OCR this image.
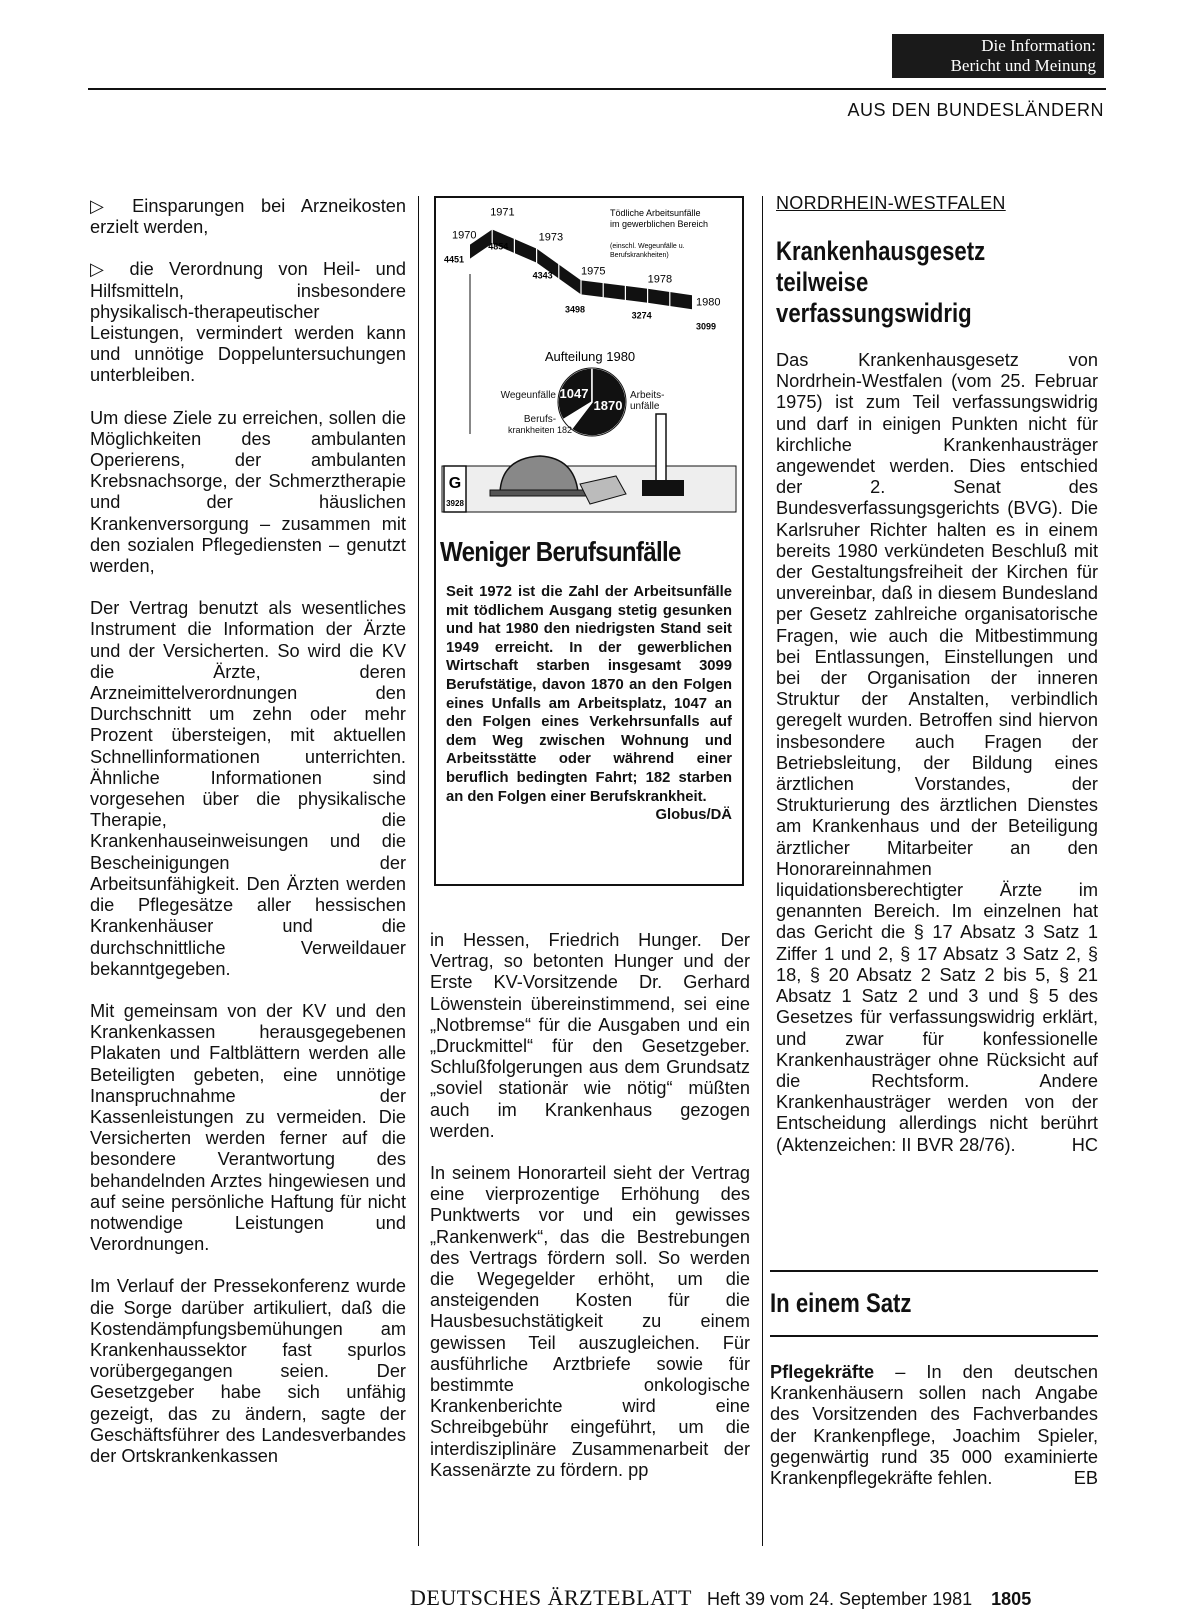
Die Information:
Bericht und Meinung
AUS DEN BUNDESLÄNDERN

▷ Einsparungen bei Arzneikosten erzielt werden,

▷ die Verordnung von Heil- und Hilfsmitteln, insbesondere physikalisch-therapeutischer Leistungen, vermindert werden kann und unnötige Doppeluntersuchungen unterbleiben.

Um diese Ziele zu erreichen, sollen die Möglichkeiten des ambulanten Operierens, der ambulanten Krebsnachsorge, der Schmerztherapie und der häuslichen Krankenversorgung – zusammen mit den sozialen Pflegediensten – genutzt werden,

Der Vertrag benutzt als wesentliches Instrument die Information der Ärzte und der Versicherten. So wird die KV die Ärzte, deren Arzneimittelverordnungen den Durchschnitt um zehn oder mehr Prozent übersteigen, mit aktuellen Schnellinformationen unterrichten. Ähnliche Informationen sind vorgesehen über die physikalische Therapie, die Krankenhauseinweisungen und die Bescheinigungen der Arbeitsunfähigkeit. Den Ärzten werden die Pflegesätze aller hessischen Krankenhäuser und die durchschnittliche Verweildauer bekanntgegeben.

Mit gemeinsam von der KV und den Krankenkassen herausgegebenen Plakaten und Faltblättern werden alle Beteiligten gebeten, eine unnötige Inanspruchnahme der Kassenleistungen zu vermeiden. Die Versicherten werden ferner auf die besondere Verantwortung des behandelnden Arztes hingewiesen und auf seine persönliche Haftung für nicht notwendige Leistungen und Verordnungen.

Im Verlauf der Pressekonferenz wurde die Sorge darüber artikuliert, daß die Kostendämpfungsbemühungen am Krankenhaussektor fast spurlos vorübergegangen seien. Der Gesetzgeber habe sich unfähig gezeigt, das zu ändern, sagte der Geschäftsführer des Landesverbandes der Ortskrankenkassen

1970
4451
1971
4854
1973
4343	1975
3498
1978
3274
1980
3099
Tödliche Arbeitsunfälle im gewerblichen Bereich
(einschl. Wegeunfälle u. Berufskrankheiten)
Wegeunfälle 1047
1870
Arbeits-
unfälle
Berufs-
krankheiten 182
Aufteilung 1980
G
3928
Weniger Berufsunfälle
Seit 1972 ist die Zahl der Arbeitsunfälle mit tödlichem Ausgang stetig gesunken und hat 1980 den niedrigsten Stand seit 1949 erreicht. In der gewerblichen Wirtschaft starben insgesamt 3099 Berufstätige, davon 1870 an den Folgen eines Unfalls am Arbeitsplatz, 1047 an den Folgen eines Verkehrsunfalls auf dem Weg zwischen Wohnung und Arbeitsstätte oder während einer beruflich bedingten Fahrt; 182 starben an den Folgen einer Berufskrankheit.
Globus/DÄ

in Hessen, Friedrich Hunger. Der Vertrag, so betonten Hunger und der Erste KV-Vorsitzende Dr. Gerhard Löwenstein übereinstimmend, sei eine „Notbremse“ für die Ausgaben und ein „Druckmittel“ für den Gesetzgeber. Schlußfolgerungen aus dem Grundsatz „soviel stationär wie nötig“ müßten auch im Krankenhaus gezogen werden.

In seinem Honorarteil sieht der Vertrag eine vierprozentige Erhöhung des Punktwerts vor und ein gewisses „Rankenwerk“, das die Bestrebungen des Vertrags fördern soll. So werden die Wegegelder erhöht, um die ansteigenden Kosten für die Hausbesuchstätigkeit zu einem gewissen Teil auszugleichen. Für ausführliche Arztbriefe sowie für bestimmte onkologische Krankenberichte wird eine Schreibgebühr eingeführt, um die interdisziplinäre Zusammenarbeit der Kassenärzte zu fördern. pp

NORDRHEIN-WESTFALEN
Krankenhausgesetz
teilweise
verfassungswidrig

Das Krankenhausgesetz von Nordrhein-Westfalen (vom 25. Februar 1975) ist zum Teil verfassungswidrig und darf in einigen Punkten nicht für kirchliche Krankenhausträger angewendet werden. Dies entschied der 2. Senat des Bundesverfassungsgerichts (BVG). Die Karlsruher Richter halten es in einem bereits 1980 verkündeten Beschluß mit der Gestaltungsfreiheit der Kirchen für unvereinbar, daß in diesem Bundesland per Gesetz zahlreiche organisatorische Fragen, wie auch die Mitbestimmung bei Entlassungen, Einstellungen und bei der Organisation der inneren Struktur der Anstalten, verbindlich geregelt wurden. Betroffen sind hiervon insbesondere auch Fragen der Betriebsleitung, der Bildung eines ärztlichen Vorstandes, der Strukturierung des ärztlichen Dienstes am Krankenhaus und der Beteiligung ärztlicher Mitarbeiter an den Honorareinnahmen liquidationsberechtigter Ärzte im genannten Bereich. Im einzelnen hat das Gericht die § 17 Absatz 3 Satz 1 Ziffer 1 und 2, § 17 Absatz 3 Satz 2, § 18, § 20 Absatz 2 Satz 2 bis 5, § 21 Absatz 1 Satz 2 und 3 und § 5 des Gesetzes für verfassungswidrig erklärt, und zwar für konfessionelle Krankenhausträger ohne Rücksicht auf die Rechtsform. Andere Krankenhausträger werden von der Entscheidung allerdings nicht berührt (Aktenzeichen: II BVR 28/76).	HC

In einem Satz

Pflegekräfte – In den deutschen Krankenhäusern sollen nach Angabe des Vorsitzenden des Fachverbandes der Krankenpflege, Joachim Spieler, gegenwärtig rund 35 000 examinierte Krankenpflegekräfte fehlen.	EB

DEUTSCHES ÄRZTEBLATT Heft 39 vom 24. September 1981 1805
